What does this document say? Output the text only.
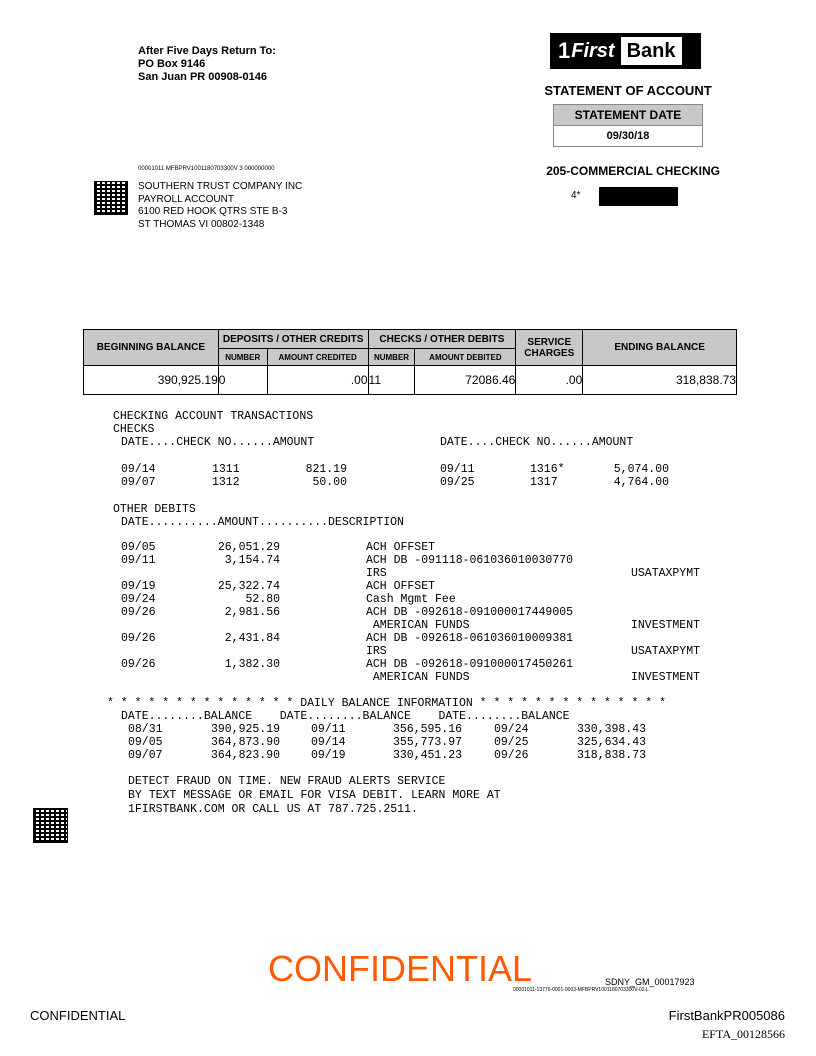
After Five Days Return To:
PO Box 9146
San Juan PR 00908-0146
1 First Bank
STATEMENT OF ACCOUNT
STATEMENT DATE
09/30/18
205-COMMERCIAL CHECKING
4*
00001011 MFBPRV1001180703300V 3 000000000
SOUTHERN TRUST COMPANY INC
PAYROLL ACCOUNT
6100 RED HOOK QTRS STE B-3
ST THOMAS VI 00802-1348
BEGINNING BALANCE	DEPOSITS / OTHER CREDITS		CHECKS / OTHER DEBITS		SERVICE CHARGES	ENDING BALANCE
	NUMBER	AMOUNT CREDITED	NUMBER	AMOUNT DEBITED		
390,925.19	0	.00	11	72086.46	.00	318,838.73
CHECKING ACCOUNT TRANSACTIONS
CHECKS
DATE....CHECK NO......AMOUNT	DATE....CHECK NO......AMOUNT
09/14	1311	821.19
09/07	1312	50.00
09/11	1316*	5,074.00
09/25	1317	4,764.00
OTHER DEBITS
DATE..........AMOUNT..........DESCRIPTION
09/05	26,051.29	ACH OFFSET
09/11	3,154.74	ACH DB -091118-061036010030770
IRS	USATAXPYMT
09/19	25,322.74	ACH OFFSET
09/24	52.80	Cash Mgmt Fee
09/26	2,981.56	ACH DB -092618-091000017449005
AMERICAN FUNDS	INVESTMENT
09/26	2,431.84	ACH DB -092618-061036010009381
IRS	USATAXPYMT
09/26	1,382.30	ACH DB -092618-091000017450261
AMERICAN FUNDS	INVESTMENT
* * * * * * * * * * * * * * DAILY BALANCE INFORMATION * * * * * * * * * * * * * *
DATE........BALANCE    DATE........BALANCE    DATE........BALANCE
08/31	390,925.19	09/11	356,595.16	09/24	330,398.43
09/05	364,873.90	09/14	355,773.97	09/25	325,634.43
09/07	364,823.90	09/19	330,451.23	09/26	318,838.73
DETECT FRAUD ON TIME. NEW FRAUD ALERTS SERVICE
BY TEXT MESSAGE OR EMAIL FOR VISA DEBIT. LEARN MORE AT
1FIRSTBANK.COM OR CALL US AT 787.725.2511.
CONFIDENTIAL	SDNY_GM_00017923
00001011-13776-0001-0003-MFBPRV1001180703300V-02-L
CONFIDENTIAL	FirstBankPR005086
EFTA_00128566
